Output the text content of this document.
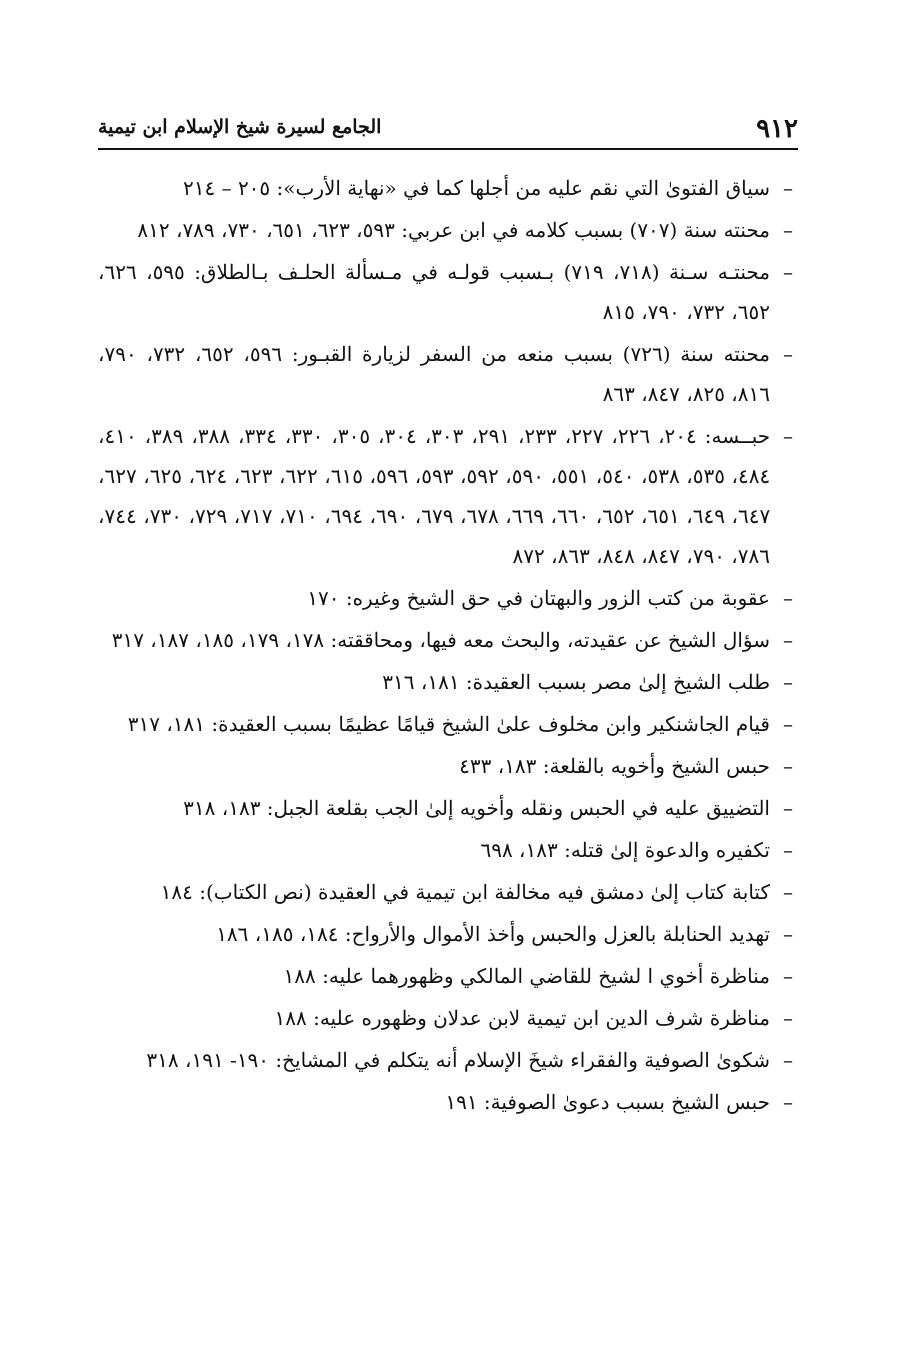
٩١٢
الجامع لسيرة شيخ الإسلام ابن تيمية
–
سياق الفتوىٰ التي نقم عليه من أجلها كما في «نهاية الأرب»: ٢٠٥ – ٢١٤
–
محنته سنة (٧٠٧) بسبب كلامه في ابن عربي: ٥٩٣، ٦٢٣، ٦٥١، ٧٣٠، ٧٨٩، ٨١٢
–
محنتـه سـنة (٧١٨، ٧١٩) بـسبب قولـه في مـسألة الحلـف بـالطلاق: ٥٩٥، ٦٢٦، ٦٥٢، ٧٣٢، ٧٩٠، ٨١٥
–
محنته سنة (٧٢٦) بسبب منعه من السفر لزيارة القبـور: ٥٩٦، ٦٥٢، ٧٣٢، ٧٩٠، ٨١٦، ٨٢٥، ٨٤٧، ٨٦٣
–
حبــسه: ٢٠٤، ٢٢٦، ٢٢٧، ٢٣٣، ٢٩١، ٣٠٣، ٣٠٤، ٣٠٥، ٣٣٠، ٣٣٤، ٣٨٨، ٣٨٩، ٤١٠، ٤٨٤، ٥٣٥، ٥٣٨، ٥٤٠، ٥٥١، ٥٩٠، ٥٩٢، ٥٩٣، ٥٩٦، ٦١٥، ٦٢٢، ٦٢٣، ٦٢٤، ٦٢٥، ٦٢٧، ٦٤٧، ٦٤٩، ٦٥١، ٦٥٢، ٦٦٠، ٦٦٩، ٦٧٨، ٦٧٩، ٦٩٠، ٦٩٤، ٧١٠، ٧١٧، ٧٢٩، ٧٣٠، ٧٤٤، ٧٨٦، ٧٩٠، ٨٤٧، ٨٤٨، ٨٦٣، ٨٧٢
–
عقوبة من كتب الزور والبهتان في حق الشيخ وغيره: ١٧٠
–
سؤال الشيخ عن عقيدته، والبحث معه فيها، ومحاققته: ١٧٨، ١٧٩، ١٨٥، ١٨٧، ٣١٧
–
طلب الشيخ إلىٰ مصر بسبب العقيدة: ١٨١، ٣١٦
–
قيام الجاشنكير وابن مخلوف علىٰ الشيخ قيامًا عظيمًا بسبب العقيدة: ١٨١، ٣١٧
–
حبس الشيخ وأخويه بالقلعة: ١٨٣، ٤٣٣
–
التضييق عليه في الحبس ونقله وأخويه إلىٰ الجب بقلعة الجبل: ١٨٣، ٣١٨
–
تكفيره والدعوة إلىٰ قتله: ١٨٣، ٦٩٨
–
كتابة كتاب إلىٰ دمشق فيه مخالفة ابن تيمية في العقيدة (نص الكتاب): ١٨٤
–
تهديد الحنابلة بالعزل والحبس وأخذ الأموال والأرواح: ١٨٤، ١٨٥، ١٨٦
–
مناظرة أخوي ا لشيخ للقاضي المالكي وظهورهما عليه: ١٨٨
–
مناظرة شرف الدين ابن تيمية لابن عدلان وظهوره عليه: ١٨٨
–
شكوىٰ الصوفية والفقراء شيخَ الإسلام أنه يتكلم في المشايخ: ١٩٠- ١٩١، ٣١٨
–
حبس الشيخ بسبب دعوىٰ الصوفية: ١٩١
